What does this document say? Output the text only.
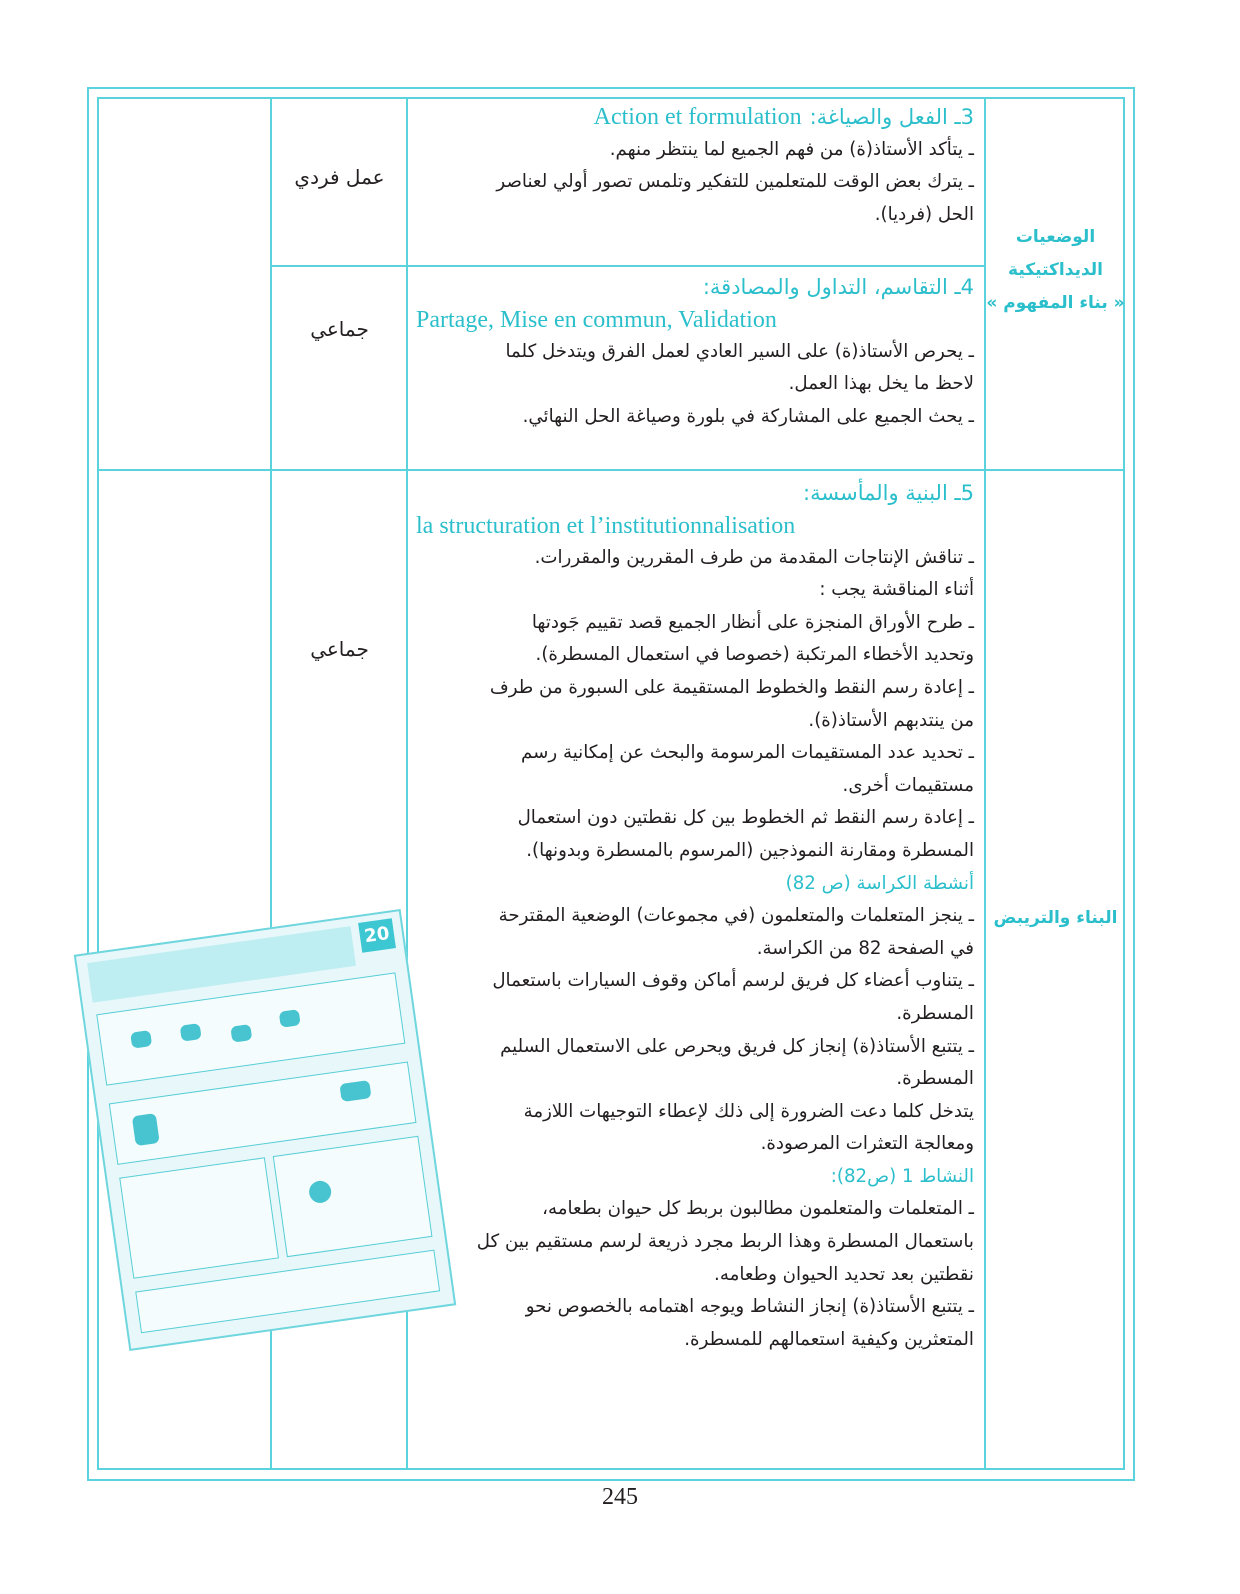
الوضعيات
الديداكتيكية
« بناء المفهوم »
البناء والتريبض
عمل فردي
جماعي
جماعي
3ـ الفعل والصياغة:
Action et formulation
ـ يتأكد الأستاذ(ة) من فهم الجميع لما ينتظر منهم.
ـ يترك بعض الوقت للمتعلمين للتفكير وتلمس تصور أولي لعناصر
الحل (فرديا).
4ـ التقاسم، التداول والمصادقة:
Partage, Mise en commun, Validation
ـ يحرص الأستاذ(ة) على السير العادي لعمل الفرق ويتدخل كلما
لاحظ ما يخل بهذا العمل.
ـ يحث الجميع على المشاركة في بلورة وصياغة الحل النهائي.
5ـ البنية والمأسسة:
la structuration et l’institutionnalisation
ـ تناقش الإنتاجات المقدمة من طرف المقررين والمقررات.
أثناء المناقشة يجب :
ـ طرح الأوراق المنجزة على أنظار الجميع قصد تقييم جَودتها
وتحديد الأخطاء المرتكبة (خصوصا في استعمال المسطرة).
ـ إعادة رسم النقط والخطوط المستقيمة على السبورة من طرف
من ينتدبهم الأستاذ(ة).
ـ تحديد عدد المستقيمات المرسومة والبحث عن إمكانية رسم
مستقيمات أخرى.
ـ إعادة رسم النقط ثم الخطوط بين كل نقطتين دون استعمال
المسطرة ومقارنة النموذجين (المرسوم بالمسطرة وبدونها).
أنشطة الكراسة (ص 82)
ـ ينجز المتعلمات والمتعلمون (في مجموعات) الوضعية المقترحة
في الصفحة 82 من الكراسة.
ـ يتناوب أعضاء كل فريق لرسم أماكن وقوف السيارات باستعمال
المسطرة.
ـ يتتبع الأستاذ(ة) إنجاز كل فريق ويحرص على الاستعمال السليم
المسطرة.
يتدخل كلما دعت الضرورة إلى ذلك لإعطاء التوجيهات اللازمة
ومعالجة التعثرات المرصودة.
النشاط 1 (ص82):
ـ المتعلمات والمتعلمون مطالبون بربط كل حيوان بطعامه،
باستعمال المسطرة وهذا الربط مجرد ذريعة لرسم مستقيم بين كل
نقطتين بعد تحديد الحيوان وطعامه.
ـ يتتبع الأستاذ(ة) إنجاز النشاط ويوجه اهتمامه بالخصوص نحو
المتعثرين وكيفية استعمالهم للمسطرة.
20
245
